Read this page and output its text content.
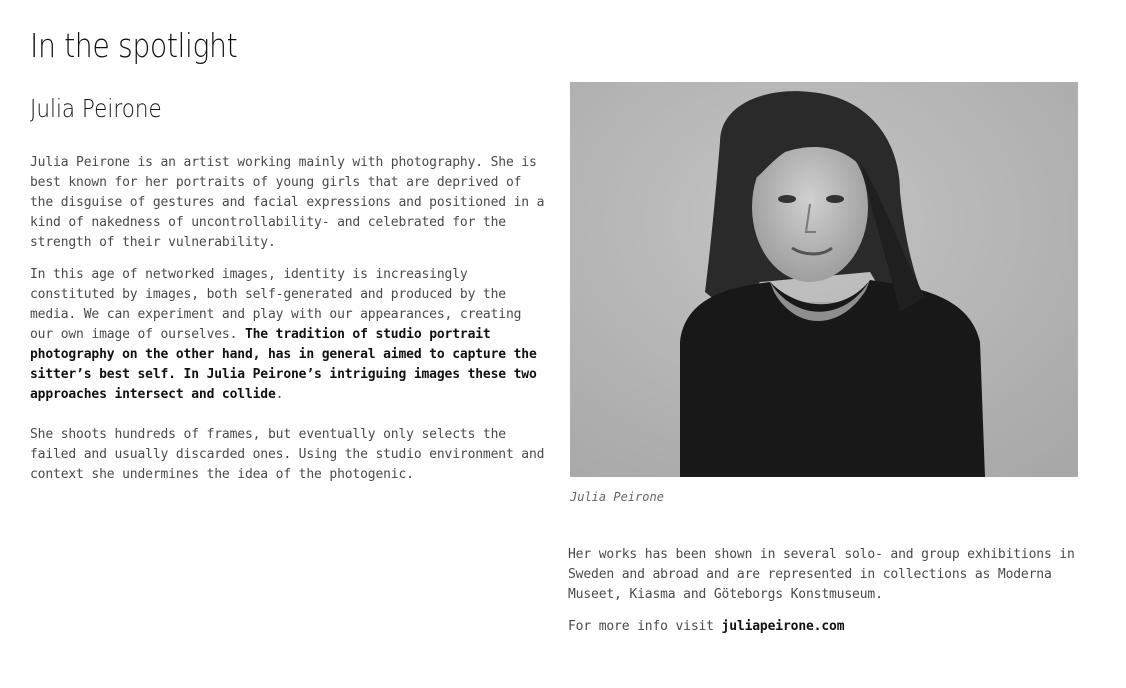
In the spotlight
Julia Peirone

Julia Peirone is an artist working mainly with photography. She is best known for her portraits of young girls that are deprived of the disguise of gestures and facial expressions and positioned in a kind of nakedness of uncontrollability- and celebrated for the strength of their vulnerability.

In this age of networked images, identity is increasingly constituted by images, both self-generated and produced by the media. We can experiment and play with our appearances, creating our own image of ourselves. The tradition of studio portrait photography on the other hand, has in general aimed to capture the sitter’s best self. In Julia Peirone’s intriguing images these two approaches intersect and collide.

She shoots hundreds of frames, but eventually only selects the failed and usually discarded ones. Using the studio environment and context she undermines the idea of the photogenic.

Julia Peirone

Her works has been shown in several solo- and group exhibitions in Sweden and abroad and are represented in collections as Moderna Museet, Kiasma and Göteborgs Konstmuseum.

For more info visit juliapeirone.com
